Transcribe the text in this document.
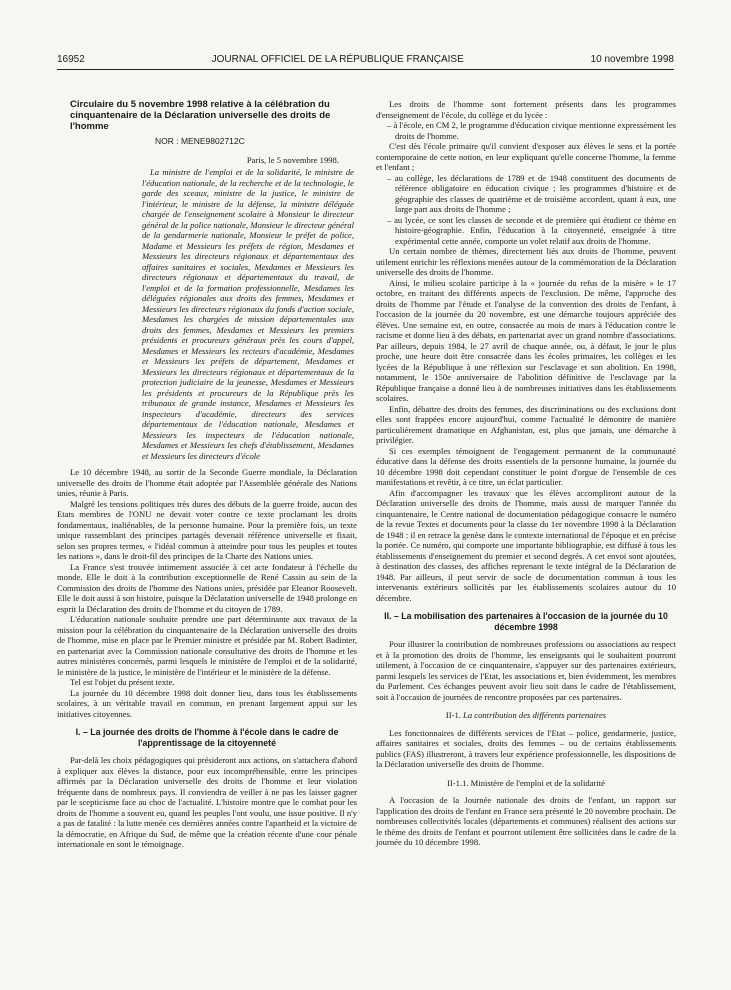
16952	JOURNAL OFFICIEL DE LA RÉPUBLIQUE FRANÇAISE	10 novembre 1998
Circulaire du 5 novembre 1998 relative à la célébration du cinquantenaire de la Déclaration universelle des droits de l'homme
NOR : MENE9802712C
Paris, le 5 novembre 1998.
La ministre de l'emploi et de la solidarité, le ministre de l'éducation nationale, de la recherche et de la technologie, le garde des sceaux, ministre de la justice, le ministre de l'intérieur, le ministre de la défense, la ministre déléguée chargée de l'enseignement scolaire à Monsieur le directeur général de la police nationale, Monsieur le directeur général de la gendarmerie nationale, Monsieur le préfet de police, Madame et Messieurs les préfets de région, Mesdames et Messieurs les directeurs régionaux et départementaux des affaires sanitaires et sociales, Mesdames et Messieurs les directeurs régionaux et départementaux du travail, de l'emploi et de la formation professionnelle, Mesdames les déléguées régionales aux droits des femmes, Mesdames et Messieurs les directeurs régionaux du fonds d'action sociale, Mesdames les chargées de mission départementales aux droits des femmes, Mesdames et Messieurs les premiers présidents et procureurs généraux près les cours d'appel, Mesdames et Messieurs les recteurs d'académie, Mesdames et Messieurs les préfets de département, Mesdames et Messieurs les directeurs régionaux et départementaux de la protection judiciaire de la jeunesse, Mesdames et Messieurs les présidents et procureurs de la République près les tribunaux de grande instance, Mesdames et Messieurs les inspecteurs d'académie, directeurs des services départementaux de l'éducation nationale, Mesdames et Messieurs les inspecteurs de l'éducation nationale, Mesdames et Messieurs les chefs d'établissement, Mesdames et Messieurs les directeurs d'école

Le 10 décembre 1948, au sortir de la Seconde Guerre mondiale, la Déclaration universelle des droits de l'homme était adoptée par l'Assemblée générale des Nations unies, réunie à Paris.

Malgré les tensions politiques très dures des débuts de la guerre froide, aucun des Etats membres de l'ONU ne devait voter contre ce texte proclamant les droits fondamentaux, inaliénables, de la personne humaine. Pour la première fois, un texte unique rassemblant des principes partagés devenait référence universelle et fixait, selon ses propres termes, « l'idéal commun à atteindre pour tous les peuples et toutes les nations », dans le droit-fil des principes de la Charte des Nations unies.

La France s'est trouvée intimement associée à cet acte fondateur à l'échelle du monde. Elle le doit à la contribution exceptionnelle de René Cassin au sein de la Commission des droits de l'homme des Nations unies, présidée par Eleanor Roosevelt. Elle le doit aussi à son histoire, puisque la Déclaration universelle de 1948 prolonge en esprit la Déclaration des droits de l'homme et du citoyen de 1789.

L'éducation nationale souhaite prendre une part déterminante aux travaux de la mission pour la célébration du cinquantenaire de la Déclaration universelle des droits de l'homme, mise en place par le Premier ministre et présidée par M. Robert Badinter, en partenariat avec la Commission nationale consultative des droits de l'homme et les autres ministères concernés, parmi lesquels le ministère de l'emploi et de la solidarité, le ministère de la justice, le ministère de l'intérieur et le ministère de la défense.

Tel est l'objet du présent texte.

La journée du 10 décembre 1998 doit donner lieu, dans tous les établissements scolaires, à un véritable travail en commun, en prenant largement appui sur les initiatives citoyennes.

I. – La journée des droits de l'homme à l'école dans le cadre de l'apprentissage de la citoyenneté

Par-delà les choix pédagogiques qui présideront aux actions, on s'attachera d'abord à expliquer aux élèves la distance, pour eux incompréhensible, entre les principes affirmés par la Déclaration universelle des droits de l'homme et leur violation fréquente dans de nombreux pays. Il conviendra de veiller à ne pas les laisser gagner par le scepticisme face au choc de l'actualité. L'histoire montre que le combat pour les droits de l'homme a souvent eu, quand les peuples l'ont voulu, une issue positive. Il n'y a pas de fatalité : la lutte menée ces dernières années contre l'apartheid et la victoire de la démocratie, en Afrique du Sud, de même que la création récente d'une cour pénale internationale en sont le témoignage.

Les droits de l'homme sont fortement présents dans les programmes d'enseignement de l'école, du collège et du lycée :

– à l'école, en CM 2, le programme d'éducation civique mentionne expressément les droits de l'homme.

C'est dès l'école primaire qu'il convient d'exposer aux élèves le sens et la portée contemporaine de cette notion, en leur expliquant qu'elle concerne l'homme, la femme et l'enfant ;

– au collège, les déclarations de 1789 et de 1948 constituent des documents de référence obligatoire en éducation civique ; les programmes d'histoire et de géographie des classes de quatrième et de troisième accordent, quant à eux, une large part aux droits de l'homme ;
– au lycée, ce sont les classes de seconde et de première qui étudient ce thème en histoire-géographie. Enfin, l'éducation à la citoyenneté, enseignée à titre expérimental cette année, comporte un volet relatif aux droits de l'homme.

Un certain nombre de thèmes, directement liés aux droits de l'homme, peuvent utilement enrichir les réflexions menées autour de la commémoration de la Déclaration universelle des droits de l'homme.

Ainsi, le milieu scolaire participe à la « journée du refus de la misère » le 17 octobre, en traitant des différents aspects de l'exclusion. De même, l'approche des droits de l'homme par l'étude et l'analyse de la convention des droits de l'enfant, à l'occasion de la journée du 20 novembre, est une démarche toujours appréciée des élèves. Une semaine est, en outre, consacrée au mois de mars à l'éducation contre le racisme et donne lieu à des débats, en partenariat avec un grand nombre d'associations. Par ailleurs, depuis 1984, le 27 avril de chaque année, ou, à défaut, le jour le plus proche, une heure doit être consacrée dans les écoles primaires, les collèges et les lycées de la République à une réflexion sur l'esclavage et son abolition. En 1998, notamment, le 150e anniversaire de l'abolition définitive de l'esclavage par la République française a donné lieu à de nombreuses initiatives dans les établissements scolaires.

Enfin, débattre des droits des femmes, des discriminations ou des exclusions dont elles sont frappées encore aujourd'hui, comme l'actualité le démontre de manière particulièrement dramatique en Afghanistan, est, plus que jamais, une démarche à privilégier.

Si ces exemples témoignent de l'engagement permanent de la communauté éducative dans la défense des droits essentiels de la personne humaine, la journée du 10 décembre 1998 doit cependant constituer le point d'orgue de l'ensemble de ces manifestations et revêtir, à ce titre, un éclat particulier.

Afin d'accompagner les travaux que les élèves accompliront autour de la Déclaration universelle des droits de l'homme, mais aussi de marquer l'année du cinquantenaire, le Centre national de documentation pédagogique consacre le numéro de la revue Textes et documents pour la classe du 1er novembre 1998 à la Déclaration de 1948 : il en retrace la genèse dans le contexte international de l'époque et en précise la portée. Ce numéro, qui comporte une importante bibliographie, est diffusé à tous les établissements d'enseignement du premier et second degrés. A cet envoi sont ajoutées, à destination des classes, des affiches reprenant le texte intégral de la Déclaration de 1948. Par ailleurs, il peut servir de socle de documentation commun à tous les intervenants extérieurs sollicités par les établissements scolaires autour du 10 décembre.

II. – La mobilisation des partenaires à l'occasion de la journée du 10 décembre 1998

Pour illustrer la contribution de nombreuses professions ou associations au respect et à la promotion des droits de l'homme, les enseignants qui le souhaitent pourront utilement, à l'occasion de ce cinquantenaire, s'appuyer sur des partenaires extérieurs, parmi lesquels les services de l'Etat, les associations et, bien évidemment, les membres du Parlement. Ces échanges peuvent avoir lieu soit dans le cadre de l'établissement, soit à l'occasion de journées de rencontre proposées par ces partenaires.

II-1. La contribution des différents partenaires

Les fonctionnaires de différents services de l'Etat – police, gendarmerie, justice, affaires sanitaires et sociales, droits des femmes – ou de certains établissements publics (FAS) illustreront, à travers leur expérience professionnelle, les dispositions de la Déclaration universelle des droits de l'homme.

II-1.1. Ministère de l'emploi et de la solidarité

A l'occasion de la Journée nationale des droits de l'enfant, un rapport sur l'application des droits de l'enfant en France sera présenté le 20 novembre prochain. De nombreuses collectivités locales (départements et communes) réalisent des actions sur le thème des droits de l'enfant et pourront utilement être sollicitées dans le cadre de la journée du 10 décembre 1998.
